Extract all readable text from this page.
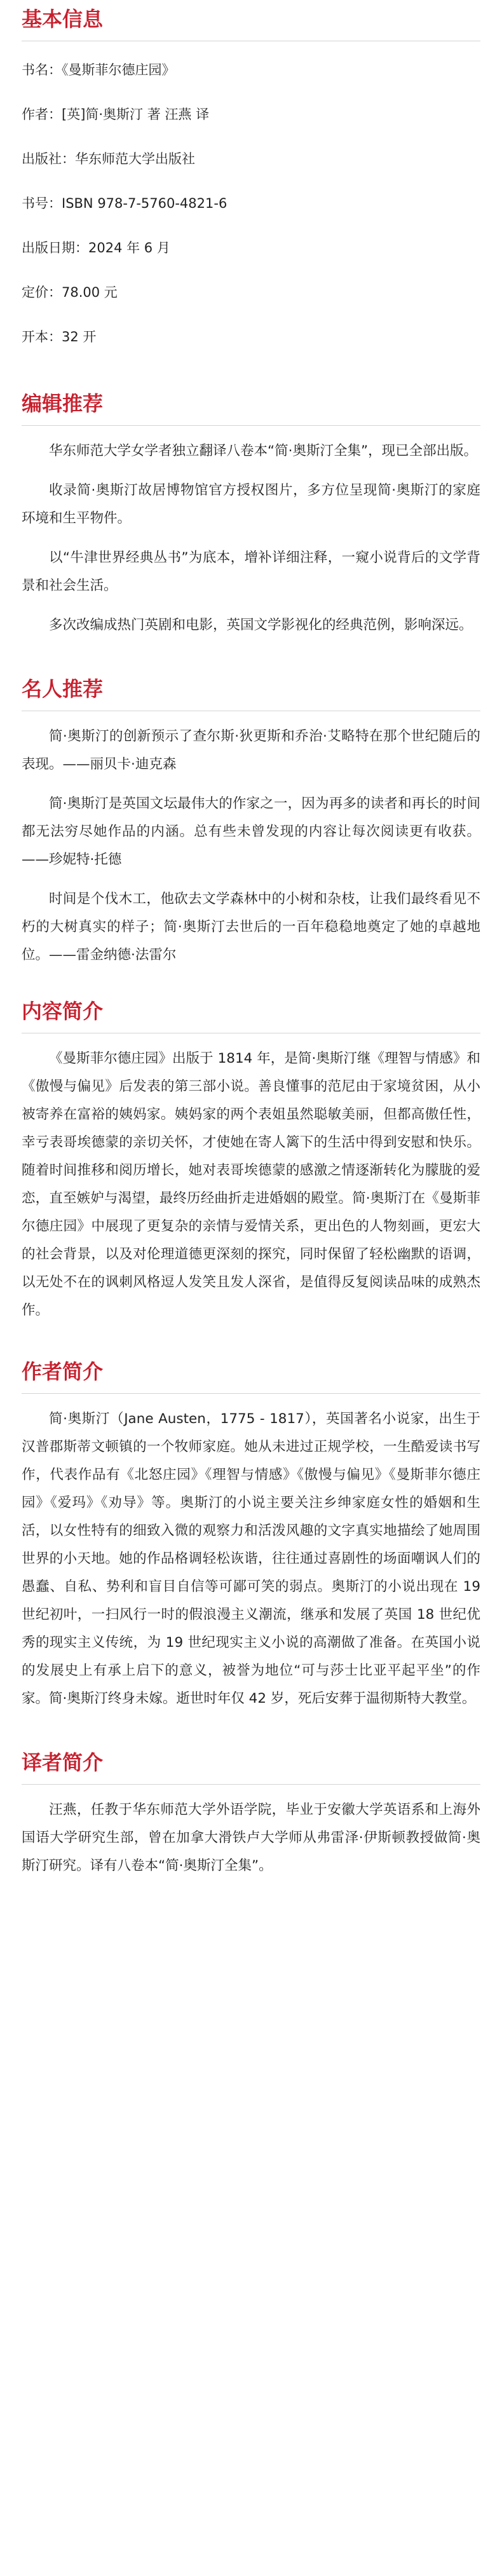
基本信息
书名：《曼斯菲尔德庄园》
作者：[英]简·奥斯汀 著 汪燕 译
出版社：华东师范大学出版社
书号：ISBN 978-7-5760-4821-6
出版日期：2024 年 6 月
定价：78.00 元
开本：32 开
编辑推荐

华东师范大学女学者独立翻译八卷本“简·奥斯汀全集”，现已全部出版。

收录简·奥斯汀故居博物馆官方授权图片，多方位呈现简·奥斯汀的家庭环境和生平物件。

以“牛津世界经典丛书”为底本，增补详细注释，一窥小说背后的文学背景和社会生活。

多次改编成热门英剧和电影，英国文学影视化的经典范例，影响深远。

名人推荐

简·奥斯汀的创新预示了查尔斯·狄更斯和乔治·艾略特在那个世纪随后的表现。——丽贝卡·迪克森

简·奥斯汀是英国文坛最伟大的作家之一，因为再多的读者和再长的时间都无法穷尽她作品的内涵。总有些未曾发现的内容让每次阅读更有收获。——珍妮特·托德

时间是个伐木工，他砍去文学森林中的小树和杂枝，让我们最终看见不朽的大树真实的样子；简·奥斯汀去世后的一百年稳稳地奠定了她的卓越地位。——雷金纳德·法雷尔

内容简介

《曼斯菲尔德庄园》出版于 1814 年，是简·奥斯汀继《理智与情感》和《傲慢与偏见》后发表的第三部小说。善良懂事的范尼由于家境贫困，从小被寄养在富裕的姨妈家。姨妈家的两个表姐虽然聪敏美丽，但都高傲任性，幸亏表哥埃德蒙的亲切关怀，才使她在寄人篱下的生活中得到安慰和快乐。随着时间推移和阅历增长，她对表哥埃德蒙的感激之情逐渐转化为朦胧的爱恋，直至嫉妒与渴望，最终历经曲折走进婚姻的殿堂。简·奥斯汀在《曼斯菲尔德庄园》中展现了更复杂的亲情与爱情关系，更出色的人物刻画，更宏大的社会背景，以及对伦理道德更深刻的探究，同时保留了轻松幽默的语调，以无处不在的讽刺风格逗人发笑且发人深省，是值得反复阅读品味的成熟杰作。

作者简介

简·奥斯汀（Jane Austen，1775 - 1817），英国著名小说家，出生于汉普郡斯蒂文顿镇的一个牧师家庭。她从未进过正规学校，一生酷爱读书写作，代表作品有《北怒庄园》《理智与情感》《傲慢与偏见》《曼斯菲尔德庄园》《爱玛》《劝导》等。奥斯汀的小说主要关注乡绅家庭女性的婚姻和生活，以女性特有的细致入微的观察力和活泼风趣的文字真实地描绘了她周围世界的小天地。她的作品格调轻松诙谐，往往通过喜剧性的场面嘲讽人们的愚蠢、自私、势利和盲目自信等可鄙可笑的弱点。奥斯汀的小说出现在 19 世纪初叶，一扫风行一时的假浪漫主义潮流，继承和发展了英国 18 世纪优秀的现实主义传统，为 19 世纪现实主义小说的高潮做了准备。在英国小说的发展史上有承上启下的意义，被誉为地位“可与莎士比亚平起平坐”的作家。简·奥斯汀终身未嫁。逝世时年仅 42 岁，死后安葬于温彻斯特大教堂。

译者简介

汪燕，任教于华东师范大学外语学院，毕业于安徽大学英语系和上海外国语大学研究生部，曾在加拿大滑铁卢大学师从弗雷泽·伊斯顿教授做简·奥斯汀研究。译有八卷本“简·奥斯汀全集”。
